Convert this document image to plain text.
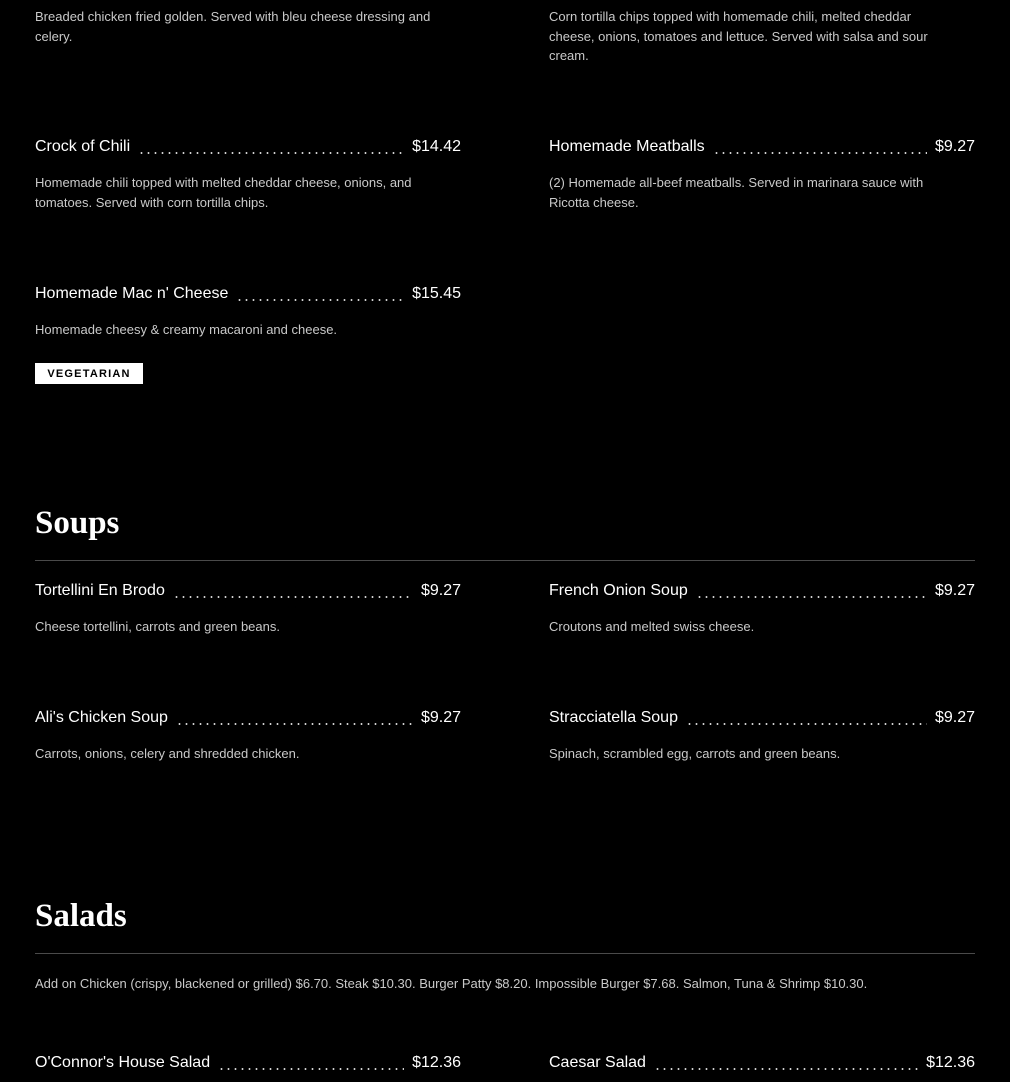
Breaded chicken fried golden. Served with bleu cheese dressing and celery.

Corn tortilla chips topped with homemade chili, melted cheddar cheese, onions, tomatoes and lettuce. Served with salsa and sour cream.

Crock of Chili	$14.42

Homemade chili topped with melted cheddar cheese, onions, and tomatoes. Served with corn tortilla chips.

Homemade Meatballs	$9.27

(2) Homemade all-beef meatballs. Served in marinara sauce with Ricotta cheese.

Homemade Mac n' Cheese	$15.45

Homemade cheesy & creamy macaroni and cheese.

VEGETARIAN
Soups
Tortellini En Brodo	$9.27

Cheese tortellini, carrots and green beans.

French Onion Soup	$9.27

Croutons and melted swiss cheese.

Ali's Chicken Soup	$9.27

Carrots, onions, celery and shredded chicken.

Stracciatella Soup	$9.27

Spinach, scrambled egg, carrots and green beans.

Salads

Add on Chicken (crispy, blackened or grilled) $6.70. Steak $10.30. Burger Patty $8.20. Impossible Burger $7.68. Salmon, Tuna & Shrimp $10.30.

O'Connor's House Salad	$12.36	Caesar Salad	$12.36
